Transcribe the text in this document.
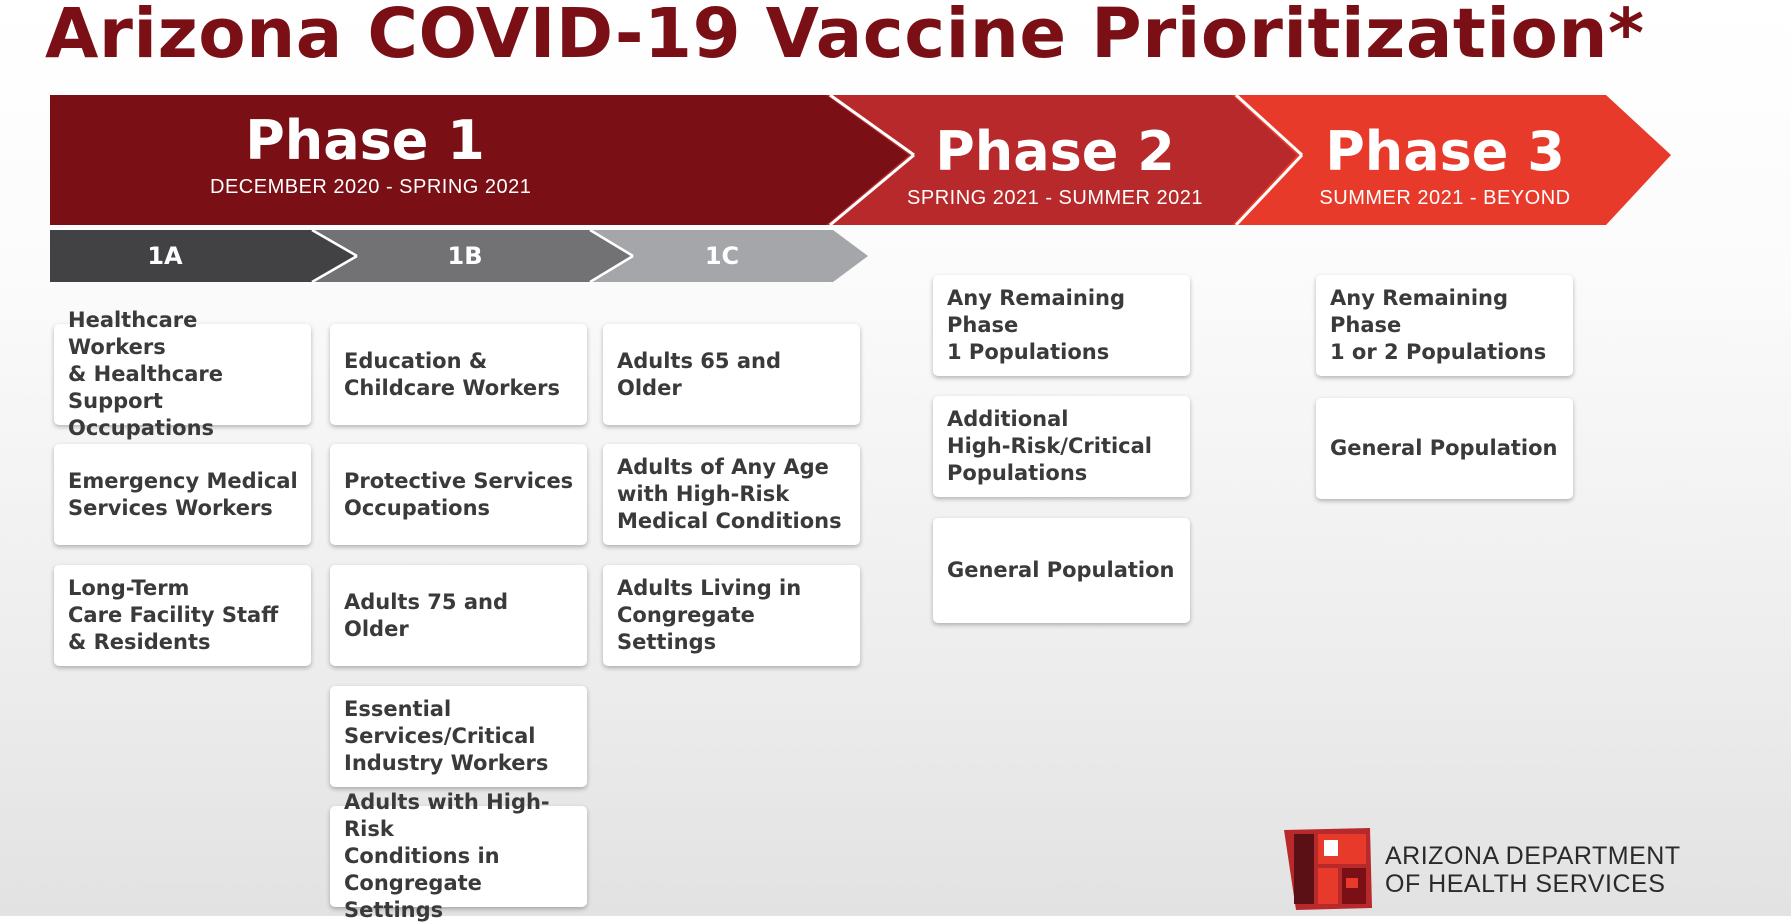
Arizona COVID-19 Vaccine Prioritization*
Phase 1
DECEMBER 2020 - SPRING 2021
Phase 2
SPRING 2021 - SUMMER 2021
Phase 3
SUMMER 2021 - BEYOND
1A	1B	1C
Healthcare Workers
& Healthcare Support
Occupations
Emergency Medical
Services Workers
Long-Term
Care Facility Staff
& Residents
Education &
Childcare Workers
Protective Services
Occupations
Adults 75 and
Older
Essential
Services/Critical
Industry Workers
Adults with High-Risk
Conditions in
Congregate Settings
Adults 65 and
Older
Adults of Any Age
with High-Risk
Medical Conditions
Adults Living in
Congregate Settings
Any Remaining Phase
1 Populations
Additional
High-Risk/Critical
Populations
General Population
Any Remaining Phase
1 or 2 Populations
General Population
ARIZONA DEPARTMENT
OF HEALTH SERVICES
